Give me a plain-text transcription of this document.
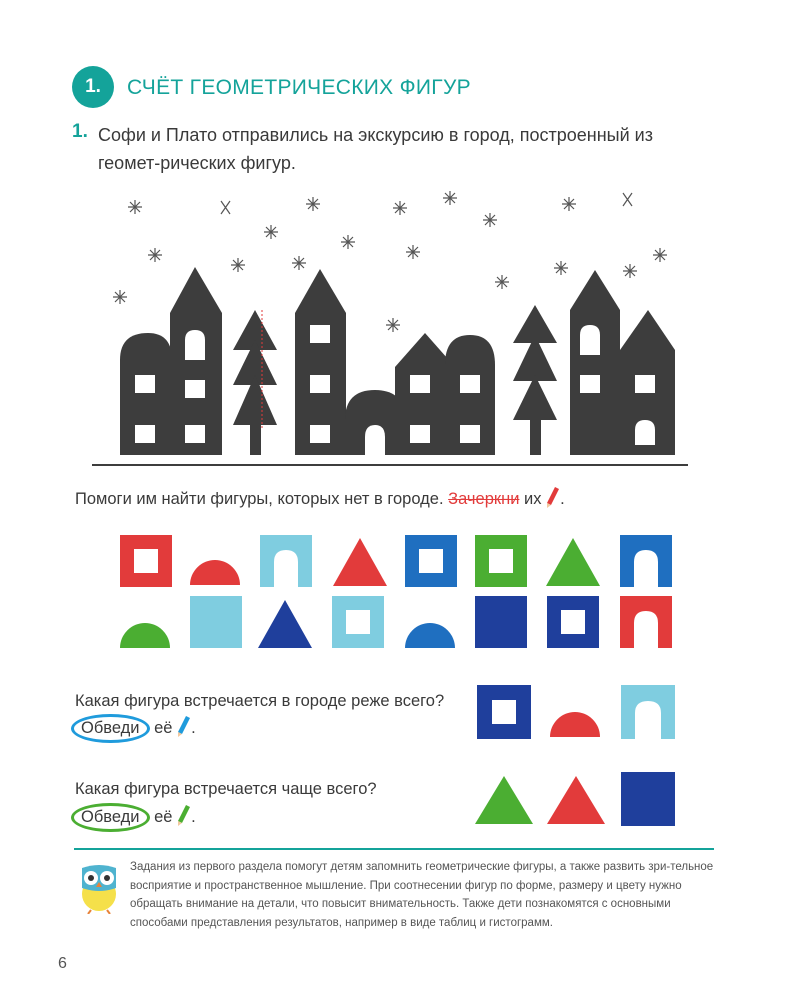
1.	СЧЁТ ГЕОМЕТРИЧЕСКИХ ФИГУР
1. Софи и Плато отправились на экскурсию в город, построенный из геомет-рических фигур.
Помоги им найти фигуры, которых нет в городе. Зачеркни их .
Какая фигура встречается в городе реже всего?
Обведи её .
Какая фигура встречается чаще всего?
Обведи её .
Задания из первого раздела помогут детям запомнить геометрические фигуры, а также развить зри-тельное восприятие и пространственное мышление. При соотнесении фигур по форме, размеру и цвету нужно обращать внимание на детали, что повысит внимательность. Также дети познакомятся с основными способами представления результатов, например в виде таблиц и гистограмм.
6
